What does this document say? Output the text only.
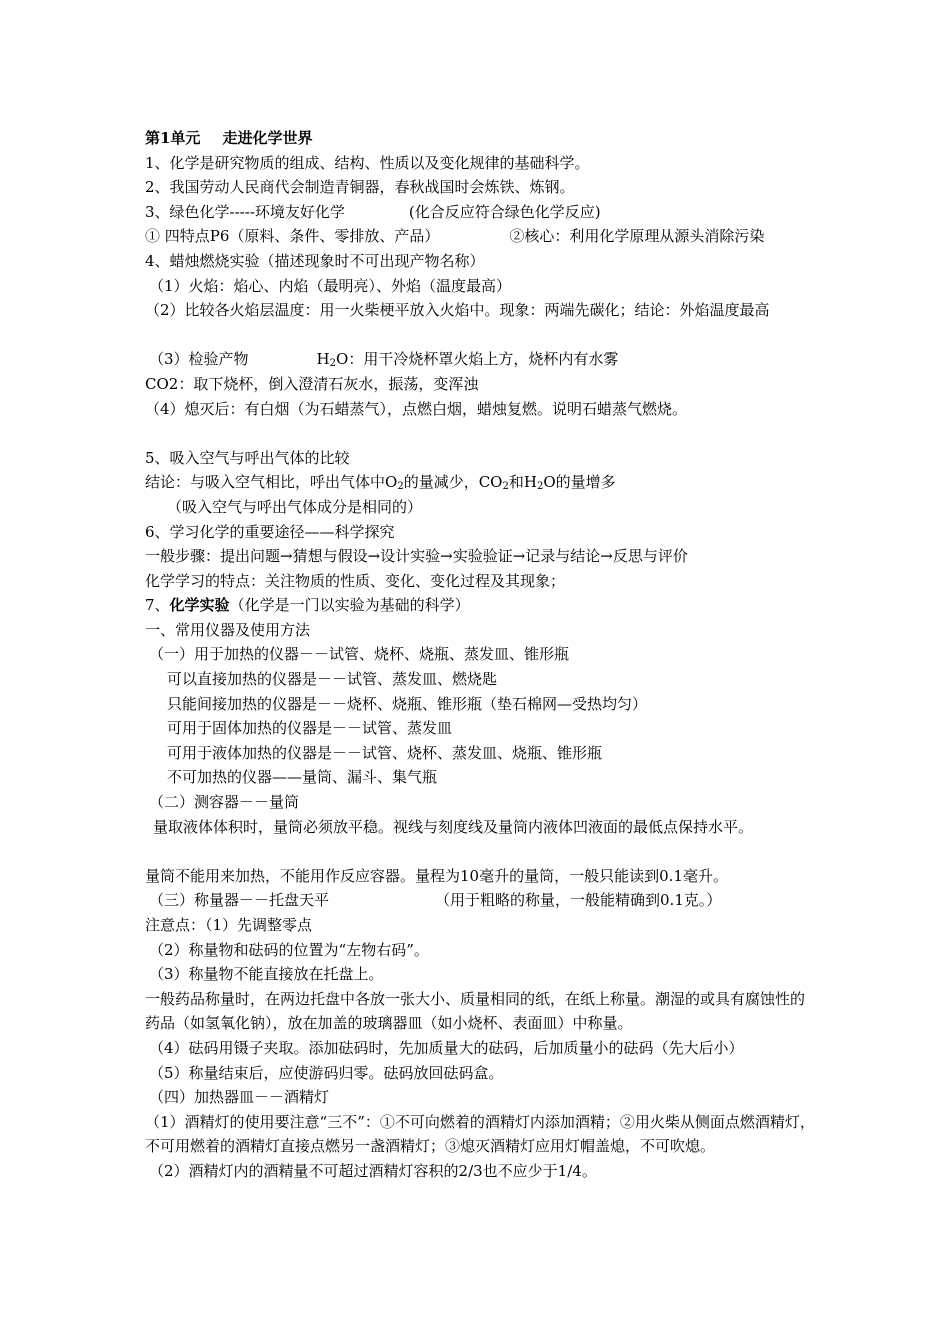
第1单元 走进化学世界
1、化学是研究物质的组成、结构、性质以及变化规律的基础科学。
2、我国劳动人民商代会制造青铜器，春秋战国时会炼铁、炼钢。
3、绿色化学-----环境友好化学	(化合反应符合绿色化学反应)
① 四特点P6（原料、条件、零排放、产品）	②核心：利用化学原理从源头消除污染
4、蜡烛燃烧实验（描述现象时不可出现产物名称）
（1）火焰：焰心、内焰（最明亮）、外焰（温度最高）
（2）比较各火焰层温度：用一火柴梗平放入火焰中。现象：两端先碳化；结论：外焰温度最高
（3）检验产物	$H_2O$：用干冷烧杯罩火焰上方，烧杯内有水雾
CO2：取下烧杯，倒入澄清石灰水，振荡，变浑浊
（4）熄灭后：有白烟（为石蜡蒸气），点燃白烟，蜡烛复燃。说明石蜡蒸气燃烧。
5、吸入空气与呼出气体的比较
结论：与吸入空气相比，呼出气体中$O_2$的量减少，$CO_2$和$H_2O$的量增多
（吸入空气与呼出气体成分是相同的）
6、学习化学的重要途径——科学探究
一般步骤：提出问题→猜想与假设→设计实验→实验验证→记录与结论→反思与评价
化学学习的特点：关注物质的性质、变化、变化过程及其现象；
7、化学实验（化学是一门以实验为基础的科学）
一、常用仪器及使用方法
（一）用于加热的仪器－－试管、烧杯、烧瓶、蒸发皿、锥形瓶
可以直接加热的仪器是－－试管、蒸发皿、燃烧匙
只能间接加热的仪器是－－烧杯、烧瓶、锥形瓶（垫石棉网—受热均匀）
可用于固体加热的仪器是－－试管、蒸发皿
可用于液体加热的仪器是－－试管、烧杯、蒸发皿、烧瓶、锥形瓶
不可加热的仪器——量筒、漏斗、集气瓶
（二）测容器－－量筒
量取液体体积时，量筒必须放平稳。视线与刻度线及量筒内液体凹液面的最低点保持水平。
量筒不能用来加热，不能用作反应容器。量程为10毫升的量筒，一般只能读到0.1毫升。
（三）称量器－－托盘天平	（用于粗略的称量，一般能精确到0.1克。）
注意点：（1）先调整零点
（2）称量物和砝码的位置为“左物右码”。
（3）称量物不能直接放在托盘上。
一般药品称量时，在两边托盘中各放一张大小、质量相同的纸，在纸上称量。潮湿的或具有腐蚀性的药品（如氢氧化钠），放在加盖的玻璃器皿（如小烧杯、表面皿）中称量。
（4）砝码用镊子夹取。添加砝码时，先加质量大的砝码，后加质量小的砝码（先大后小）
（5）称量结束后，应使游码归零。砝码放回砝码盒。
（四）加热器皿－－酒精灯
（1）酒精灯的使用要注意“三不”：①不可向燃着的酒精灯内添加酒精；②用火柴从侧面点燃酒精灯，不可用燃着的酒精灯直接点燃另一盏酒精灯；③熄灭酒精灯应用灯帽盖熄，不可吹熄。
（2）酒精灯内的酒精量不可超过酒精灯容积的2/3也不应少于1/4。
